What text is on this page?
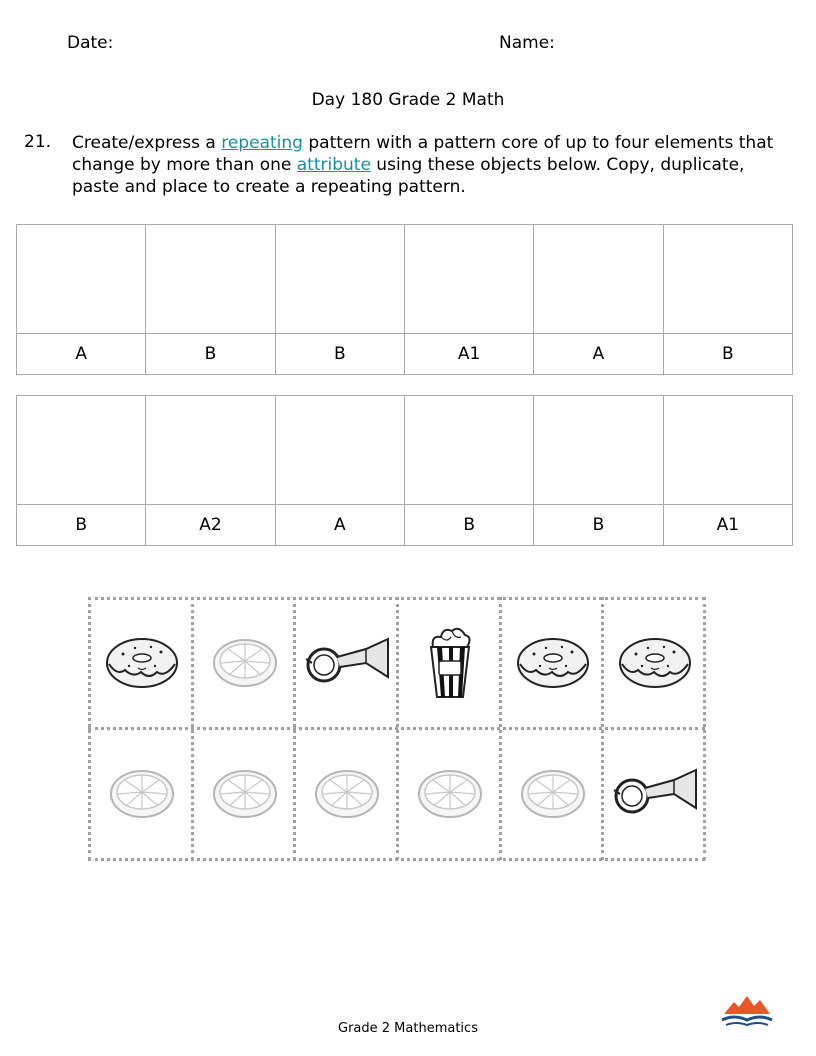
Date:	Name:
Day 180 Grade 2 Math
21. Create/express a repeating pattern with a pattern core of up to four elements that change by more than one attribute using these objects below. Copy, duplicate, paste and place to create a repeating pattern.

A	B	B	A1	A	B

B	A2	A	B	B	A1
Grade 2 Mathematics
